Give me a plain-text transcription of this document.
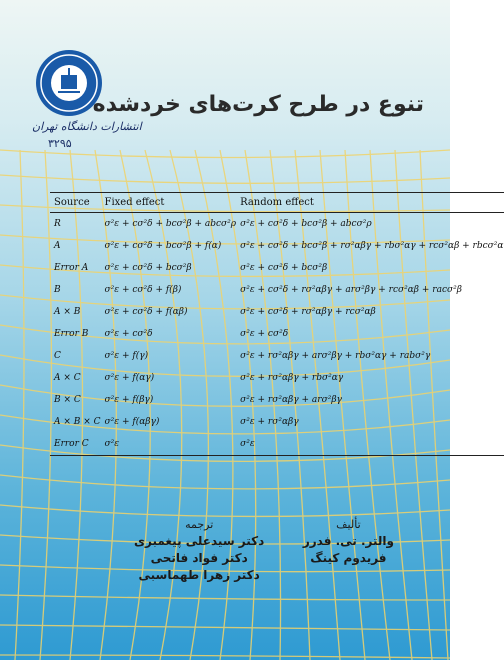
انتشارات دانشگاه تهران
۳۲۹۵
تنوع در طرح کرت‌های خردشده
Source	Fixed effect	Random effect
R	σ²ε + cσ²δ + bcσ²β + abcσ²ρ	σ²ε + cσ²δ + bcσ²β + abcσ²ρ
A	σ²ε + cσ²δ + bcσ²β + f(α)	σ²ε + cσ²δ + bcσ²β + rσ²αβγ + rbσ²αγ + rcσ²αβ + rbcσ²α
Error A	σ²ε + cσ²δ + bcσ²β	σ²ε + cσ²δ + bcσ²β
B	σ²ε + cσ²δ + f(β)	σ²ε + cσ²δ + rσ²αβγ + arσ²βγ + rcσ²αβ + racσ²β
A × B	σ²ε + cσ²δ + f(αβ)	σ²ε + cσ²δ + rσ²αβγ + rcσ²αβ
Error B	σ²ε + cσ²δ	σ²ε + cσ²δ
C	σ²ε + f(γ)	σ²ε + rσ²αβγ + arσ²βγ + rbσ²αγ + rabσ²γ
A × C	σ²ε + f(αγ)	σ²ε + rσ²αβγ + rbσ²αγ
B × C	σ²ε + f(βγ)	σ²ε + rσ²αβγ + arσ²βγ
A × B × C	σ²ε + f(αβγ)	σ²ε + rσ²αβγ
Error C	σ²ε	σ²ε
تألیف
والتر. تی. فدرر
فریدوم کینگ
ترجمه
دکتر سیدعلی پیغمبری
دکتر فواد فاتحی
دکتر زهرا طهماسبی
